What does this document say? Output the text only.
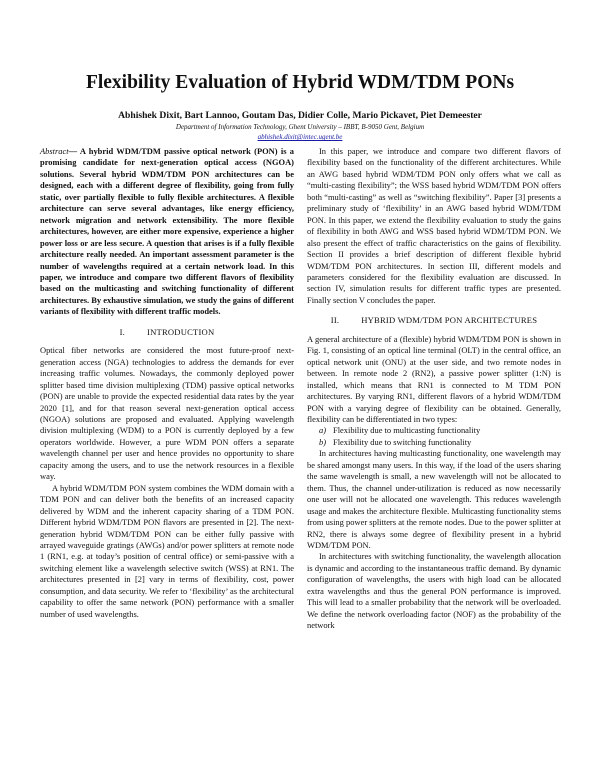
Flexibility Evaluation of Hybrid WDM/TDM PONs
Abhishek Dixit, Bart Lannoo, Goutam Das, Didier Colle, Mario Pickavet, Piet Demeester
Department of Information Technology, Ghent University – IBBT, B-9050 Gent, Belgium
abhishek.dixit@intec.ugent.be

Abstract— A hybrid WDM/TDM passive optical network (PON) is a promising candidate for next-generation optical access (NGOA) solutions. Several hybrid WDM/TDM PON architectures can be designed, each with a different degree of flexibility, going from fully static, over partially flexible to fully flexible architectures. A flexible architecture can serve several advantages, like energy efficiency, network migration and network extensibility. The more flexible architectures, however, are either more expensive, experience a higher power loss or are less secure. A question that arises is if a fully flexible architecture really needed. An important assessment parameter is the number of wavelengths required at a certain network load. In this paper, we introduce and compare two different flavors of flexibility based on the multicasting and switching functionality of different architectures. By exhaustive simulation, we study the gains of different variants of flexibility with different traffic models.

I.	INTRODUCTION

Optical fiber networks are considered the most future-proof next-generation access (NGA) technologies to address the demands for ever increasing traffic volumes. Nowadays, the commonly deployed power splitter based time division multiplexing (TDM) passive optical networks (PON) are unable to provide the expected residential data rates by the year 2020 [1], and for that reason several next-generation optical access (NGOA) solutions are proposed and evaluated. Applying wavelength division multiplexing (WDM) to a PON is currently deployed by a few operators worldwide. However, a pure WDM PON offers a separate wavelength channel per user and hence provides no opportunity to share capacity among the users, and to use the network resources in a flexible way.

A hybrid WDM/TDM PON system combines the WDM domain with a TDM PON and can deliver both the benefits of an increased capacity delivered by WDM and the inherent capacity sharing of a TDM PON. Different hybrid WDM/TDM PON flavors are presented in [2]. The next-generation hybrid WDM/TDM PON can be either fully passive with arrayed waveguide gratings (AWGs) and/or power splitters at remote node 1 (RN1, e.g. at today’s position of central office) or semi-passive with a switching element like a wavelength selective switch (WSS) at RN1. The architectures presented in [2] vary in terms of flexibility, cost, power consumption, and data security. We refer to ‘flexibility’ as the architectural capability to offer the same network (PON) performance with a smaller number of used wavelengths.

In this paper, we introduce and compare two different flavors of flexibility based on the functionality of the different architectures. While an AWG based hybrid WDM/TDM PON only offers what we call as “multi-casting flexibility”; the WSS based hybrid WDM/TDM PON offers both “multi-casting” as well as “switching flexibility”. Paper [3] presents a preliminary study of ‘flexibility’ in an AWG based hybrid WDM/TDM PON. In this paper, we extend the flexibility evaluation to study the gains of flexibility in both AWG and WSS based hybrid WDM/TDM PON. We also present the effect of traffic characteristics on the gains of flexibility. Section II provides a brief description of different flexible hybrid WDM/TDM PON architectures. In section III, different models and parameters considered for the flexibility evaluation are discussed. In section IV, simulation results for different traffic types are presented. Finally section V concludes the paper.

II.	HYBRID WDM/TDM PON ARCHITECTURES

A general architecture of a (flexible) hybrid WDM/TDM PON is shown in Fig. 1, consisting of an optical line terminal (OLT) in the central office, an optical network unit (ONU) at the user side, and two remote nodes in between. In remote node 2 (RN2), a passive power splitter (1:N) is installed, which means that RN1 is connected to M TDM PON architectures. By varying RN1, different flavors of a hybrid WDM/TDM PON with a varying degree of flexibility can be obtained. Generally, flexibility can be differentiated in two types:

a) Flexibility due to multicasting functionality

b) Flexibility due to switching functionality

In architectures having multicasting functionality, one wavelength may be shared amongst many users. In this way, if the load of the users sharing the same wavelength is small, a new wavelength will not be allocated to them. Thus, the channel under-utilization is reduced as now necessarily one user will not be allocated one wavelength. This reduces wavelength usage and makes the architecture flexible. Multicasting functionality stems from using power splitters at the remote nodes. Due to the power splitter at RN2, there is always some degree of flexibility present in a hybrid WDM/TDM PON.

In architectures with switching functionality, the wavelength allocation is dynamic and according to the instantaneous traffic demand. By dynamic configuration of wavelengths, the users with high load can be allocated extra wavelengths and thus the general PON performance is improved. This will lead to a smaller probability that the network will be overloaded. We define the network overloading factor (NOF) as the probability of the network
